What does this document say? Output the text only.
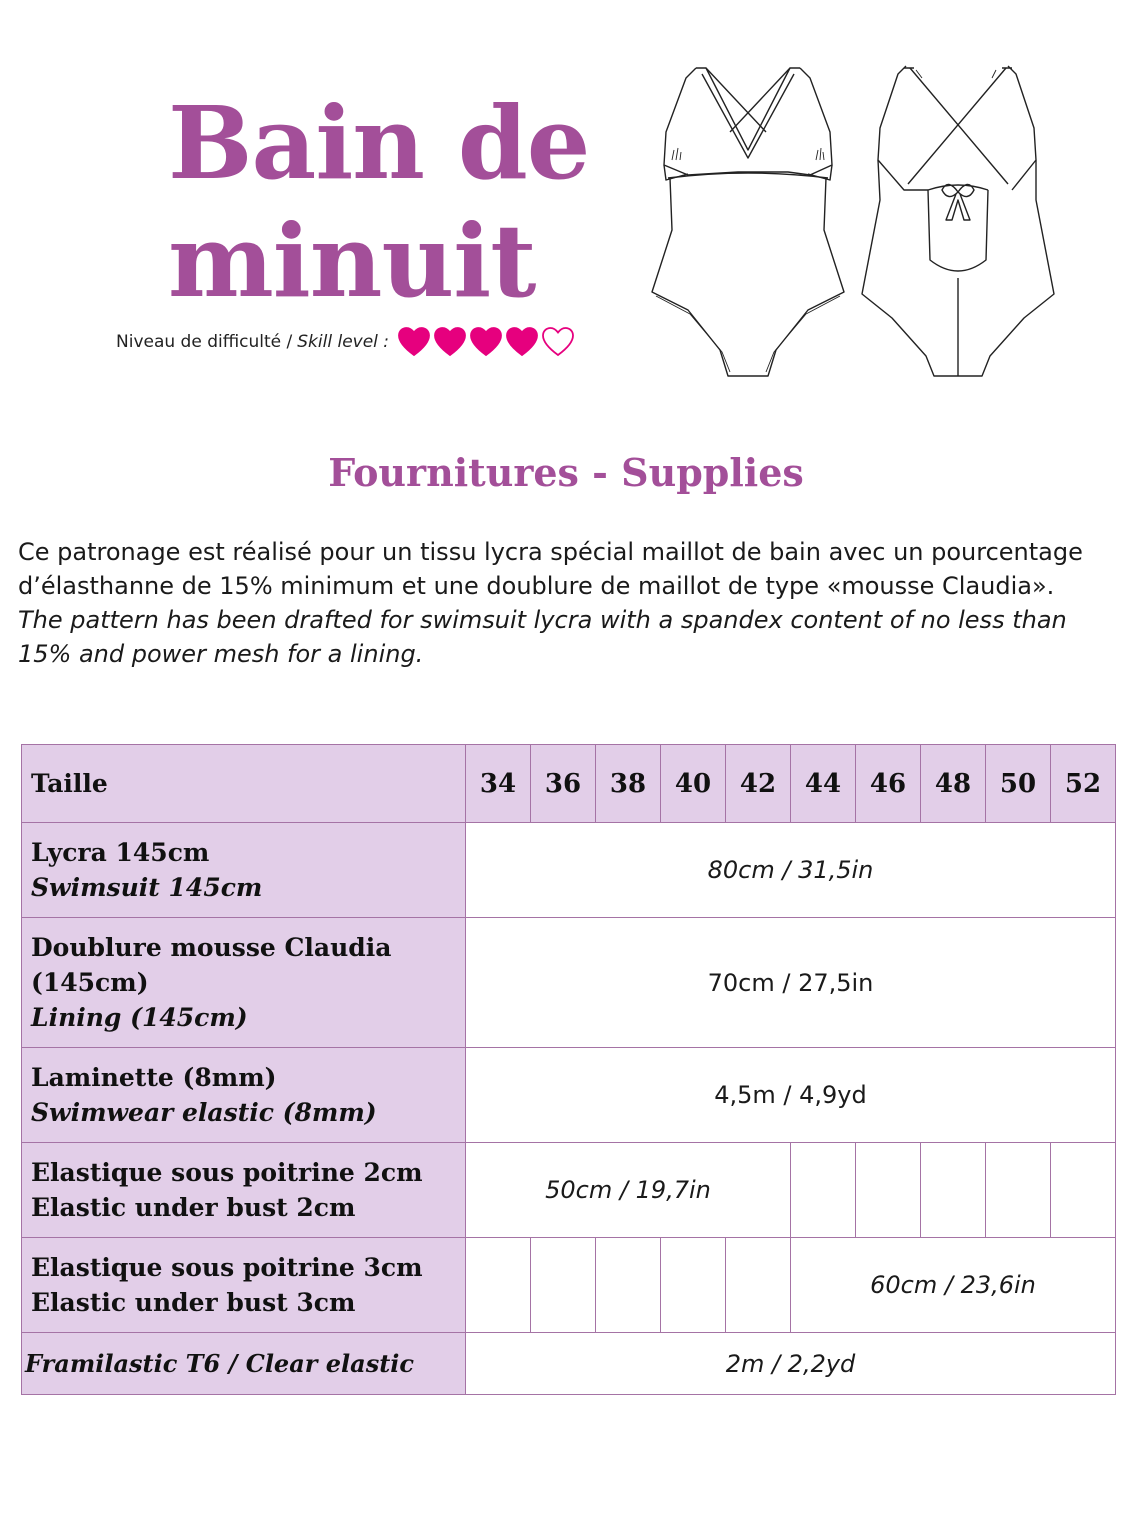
Bain de
minuit
Niveau de difficulté / Skill level :
Fournitures - Supplies

Ce patronage est réalisé pour un tissu lycra spécial maillot de bain avec un pourcentage d’élasthanne de 15% minimum et une doublure de maillot de type «mousse Claudia».

The pattern has been drafted for swimsuit lycra with a spandex content of no less than 15% and power mesh for a lining.

Taille	34	36	38	40	42	44	46	48	50	52

Lycra 145cm
Swimsuit 145cm	80cm / 31,5in									

Doublure mousse Claudia (145cm)
Lining (145cm)	70cm / 27,5in									

Laminette (8mm)
Swimwear elastic (8mm)	4,5m / 4,9yd									

Elastique sous poitrine 2cm
Elastic under bust 2cm	50cm / 19,7in									

Elastique sous poitrine 3cm
Elastic under bust 3cm						60cm / 23,6in				
Framilastic T6 / Clear elastic	2m / 2,2yd									
